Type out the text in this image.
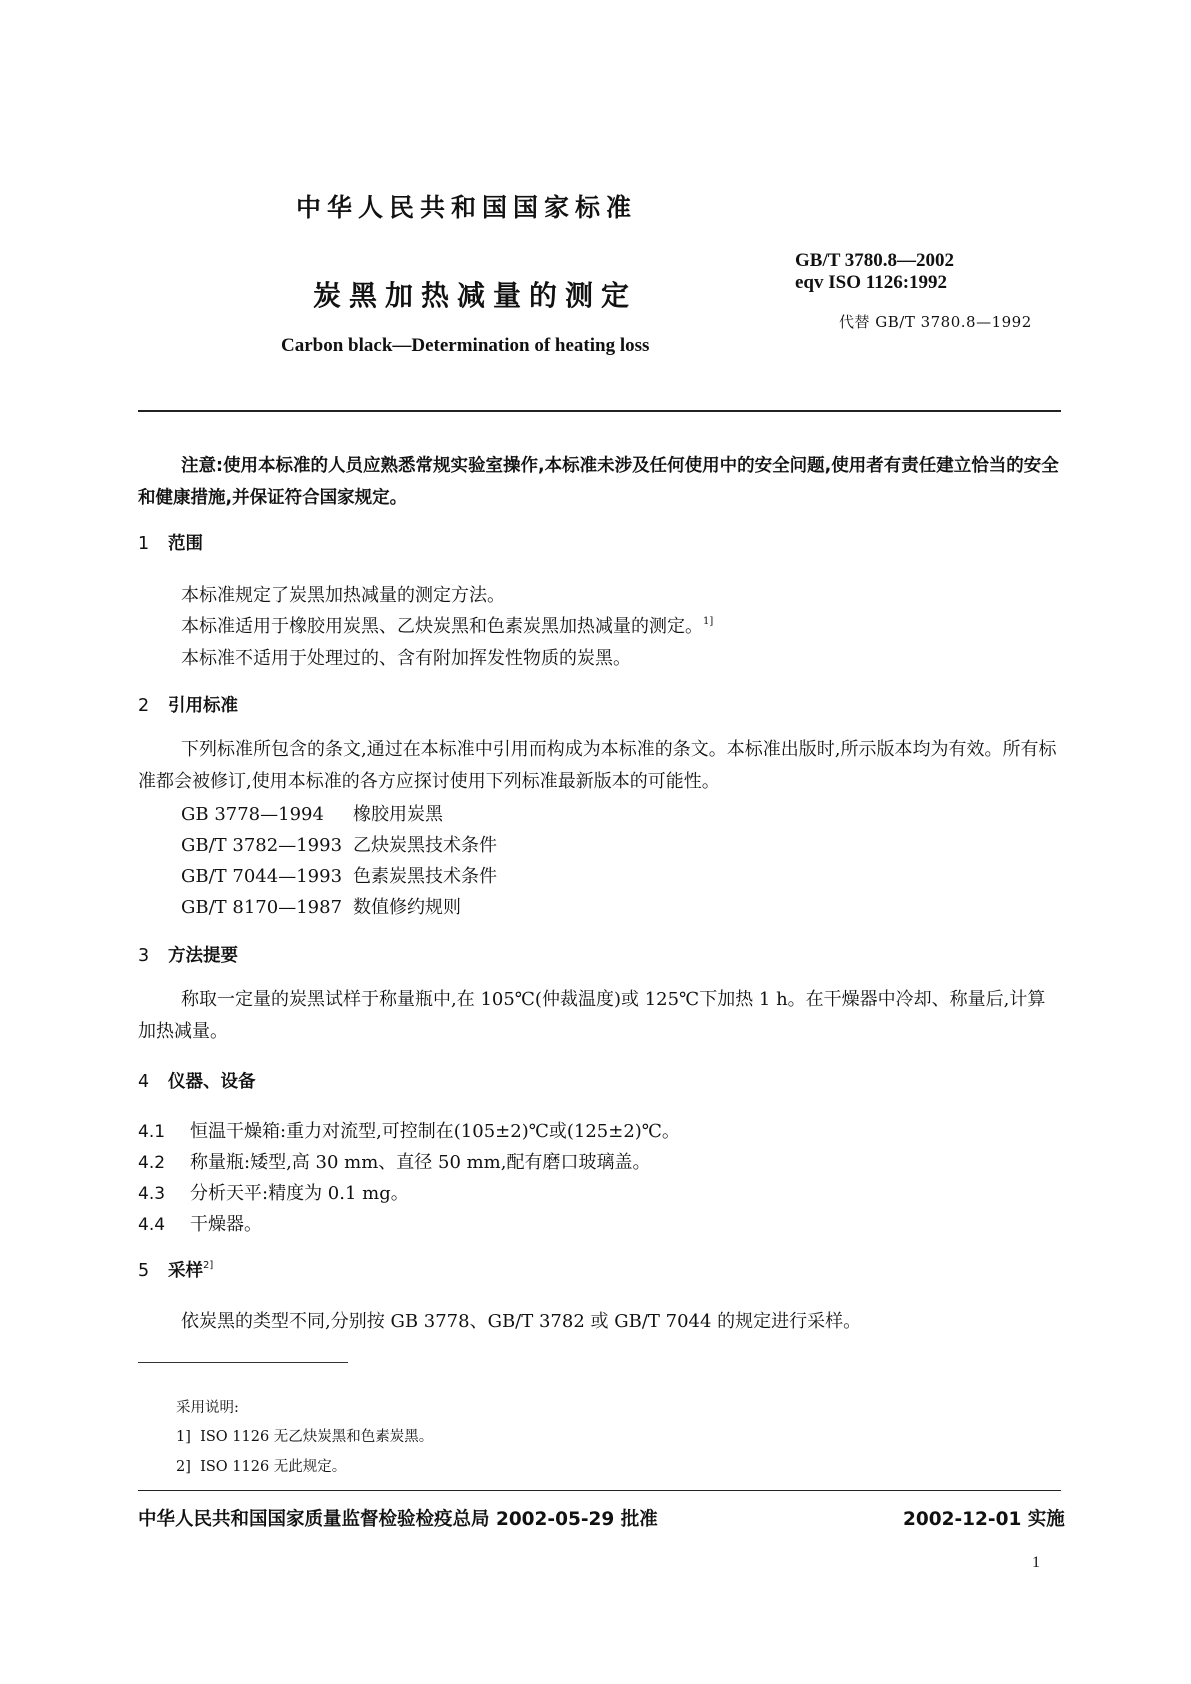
中华人民共和国国家标准
GB/T 3780.8—2002
eqv ISO 1126:1992
代替 GB/T 3780.8—1992
炭黑加热减量的测定
Carbon black—Determination of heating loss
注意:使用本标准的人员应熟悉常规实验室操作,本标准未涉及任何使用中的安全问题,使用者有责任建立恰当的安全和健康措施,并保证符合国家规定。
1 范围
本标准规定了炭黑加热减量的测定方法。
本标准适用于橡胶用炭黑、乙炔炭黑和色素炭黑加热减量的测定。$^{1]}$
本标准不适用于处理过的、含有附加挥发性物质的炭黑。
2 引用标准
下列标准所包含的条文,通过在本标准中引用而构成为本标准的条文。本标准出版时,所示版本均为有效。所有标准都会被修订,使用本标准的各方应探讨使用下列标准最新版本的可能性。
GB 3778—1994 橡胶用炭黑
GB/T 3782—1993 乙炔炭黑技术条件
GB/T 7044—1993 色素炭黑技术条件
GB/T 8170—1987 数值修约规则
3 方法提要
称取一定量的炭黑试样于称量瓶中,在 105℃(仲裁温度)或 125℃下加热 1 h。在干燥器中冷却、称量后,计算加热减量。
4 仪器、设备
4.1 恒温干燥箱:重力对流型,可控制在(105±2)℃或(125±2)℃。
4.2 称量瓶:矮型,高 30 mm、直径 50 mm,配有磨口玻璃盖。
4.3 分析天平:精度为 0.1 mg。
4.4 干燥器。
5 采样$^{2]}$
依炭黑的类型不同,分别按 GB 3778、GB/T 3782 或 GB/T 7044 的规定进行采样。
采用说明:
1] ISO 1126 无乙炔炭黑和色素炭黑。
2] ISO 1126 无此规定。
中华人民共和国国家质量监督检验检疫总局 2002-05-29 批准	2002-12-01 实施
1
